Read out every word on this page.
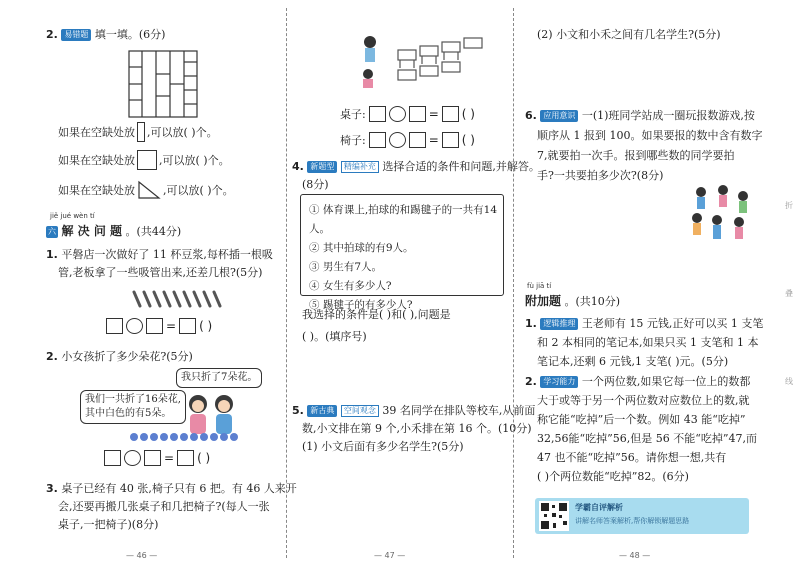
2. 易错题 填一填。(6分)
如果在空缺处放 ,可以放( )个。
如果在空缺处放 ,可以放( )个。
如果在空缺处放	,可以放( )个。
jiě jué wèn tí
六 解 决 问 题 。(共44分)
1. 平磐店一次做好了 11 杯豆浆,每杯插一根吸
管,老板拿了一些吸管出来,还差几根?(5分)
= ( )
2. 小女孩折了多少朵花?(5分)
我只折了7朵花。
我们一共折了16朵花,
其中白色的有5朵。
= ( )
3. 桌子已经有 40 张,椅子只有 6 把。有 46 人来开
会,还要再搬几张桌子和几把椅子?(每人一张
桌子,一把椅子)(8分)
— 46 —
桌子:	= ( )
椅子:	= ( )
4. 新题型 精编补充 选择合适的条件和问题,并解答。
(8分)
① 体育课上,拍球的和踢毽子的一共有14人。
② 其中拍球的有9人。
③ 男生有7人。
④ 女生有多少人?
⑤ 踢毽子的有多少人?
我选择的条件是( )和( ),问题是
( )。(填序号)
5. 新古典 空间观念 39 名同学在排队等校车,从前面
数,小文排在第 9 个,小禾排在第 16 个。(10分)
(1) 小文后面有多少名学生?(5分)
— 47 —
(2) 小文和小禾之间有几名学生?(5分)
6. 应用意识 一(1)班同学站成一圈玩报数游戏,按
顺序从 1 报到 100。如果要报的数中含有数字
7,就要拍一次手。报到哪些数的同学要拍
手?一共要拍多少次?(8分)
fù jiā tí
附加题 。(共10分)
1. 逻辑推理 王老师有 15 元钱,正好可以买 1 支笔
和 2 本相同的笔记本,如果只买 1 支笔和 1 本
笔记本,还剩 6 元钱,1 支笔( )元。(5分)
2. 学习能力 一个两位数,如果它每一位上的数都
大于或等于另一个两位数对应数位上的数,就
称它能“吃掉”后一个数。例如 43 能“吃掉”
32,56能“吃掉”56,但是 56 不能“吃掉”47,而
47 也不能“吃掉”56。请你想一想,共有
( )个两位数能“吃掉”82。(6分)
学霸自评解析
讲解名师答案解析,帮你解锁解题思路
折
叠
线
— 48 —
